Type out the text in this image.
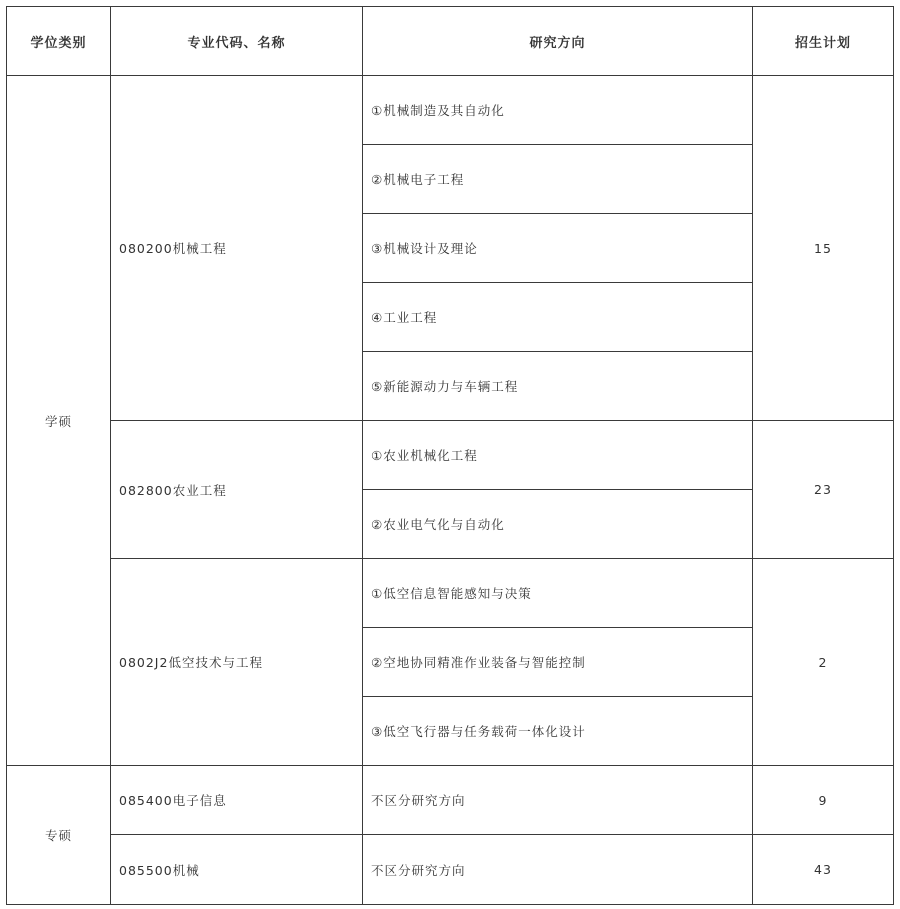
学位类别	专业代码、名称	研究方向	招生计划
学硕	080200机械工程	①机械制造及其自动化	15
		②机械电子工程	
		③机械设计及理论	
		④工业工程	
		⑤新能源动力与车辆工程	
	082800农业工程	①农业机械化工程	23
		②农业电气化与自动化	
	0802J2低空技术与工程	①低空信息智能感知与决策	2
		②空地协同精准作业装备与智能控制	
		③低空飞行器与任务载荷一体化设计	
专硕	085400电子信息	不区分研究方向	9
	085500机械	不区分研究方向	43
